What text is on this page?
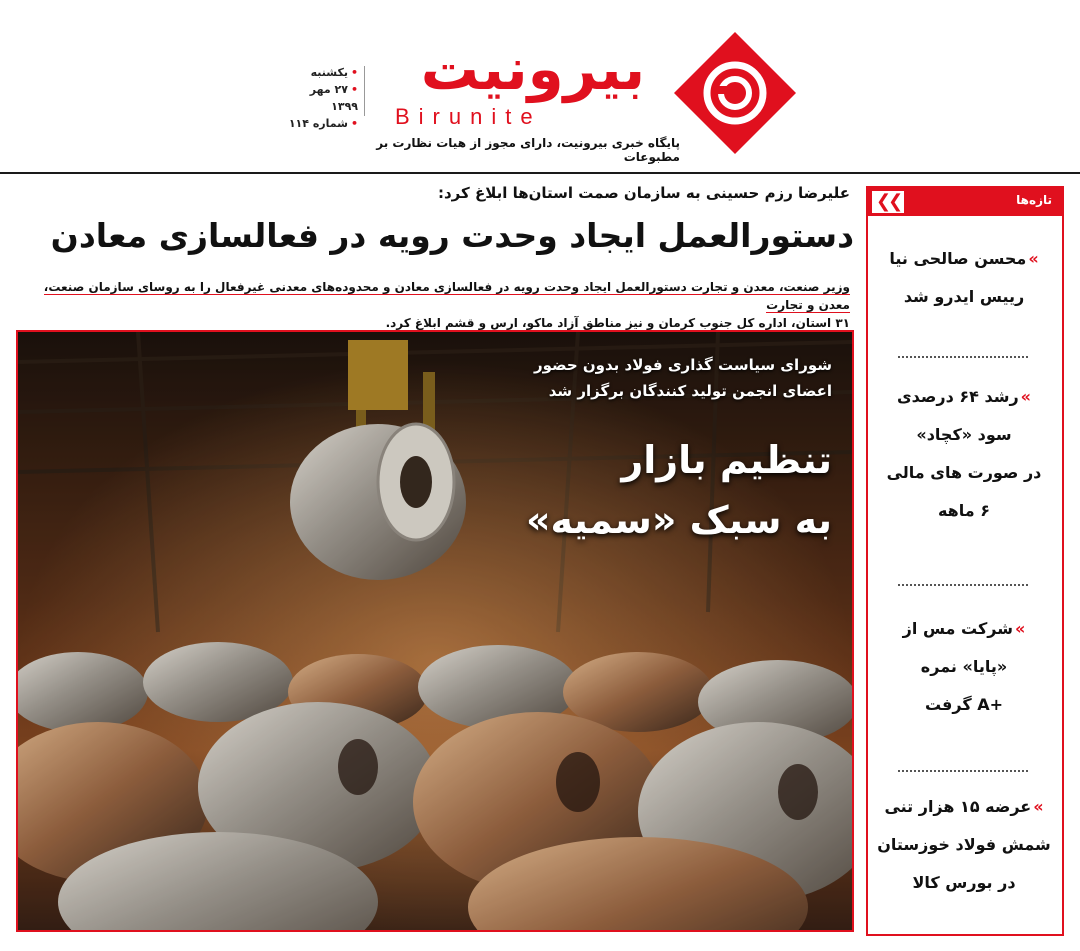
بیرونیت
Birunite
پایگاه خبری بیرونیت، دارای مجوز از هیات نظارت بر مطبوعات
• یکشنبه
• ۲۷ مهر ۱۳۹۹
• شماره ۱۱۴
علیرضا رزم حسینی به سازمان صمت استان‌ها ابلاغ کرد:
دستورالعمل ایجاد وحدت رویه در فعالسازی معادن
وزیر صنعت، معدن و تجارت دستورالعمل ایجاد وحدت رویه در فعالسازی معادن و محدوده‌های معدنی غیرفعال را به روسای سازمان صنعت، معدن و تجارت
۳۱ استان، اداره کل جنوب کرمان و نیز مناطق آزاد ماکو، ارس و قشم ابلاغ کرد.
شورای سیاست گذاری فولاد بدون حضور
اعضای انجمن تولید کنندگان برگزار شد
تنظیم بازار
به سبک «سمیه»
❮❮	تازه‌ها
»محسن صالحی نیا
رییس ایدرو شد
»رشد ۶۴ درصدی
سود «کچاد»
در صورت های مالی
۶ ماهه
»شرکت مس از
«پایا» نمره
+A گرفت
»عرضه ۱۵ هزار تنی
شمش فولاد خوزستان
در بورس کالا
